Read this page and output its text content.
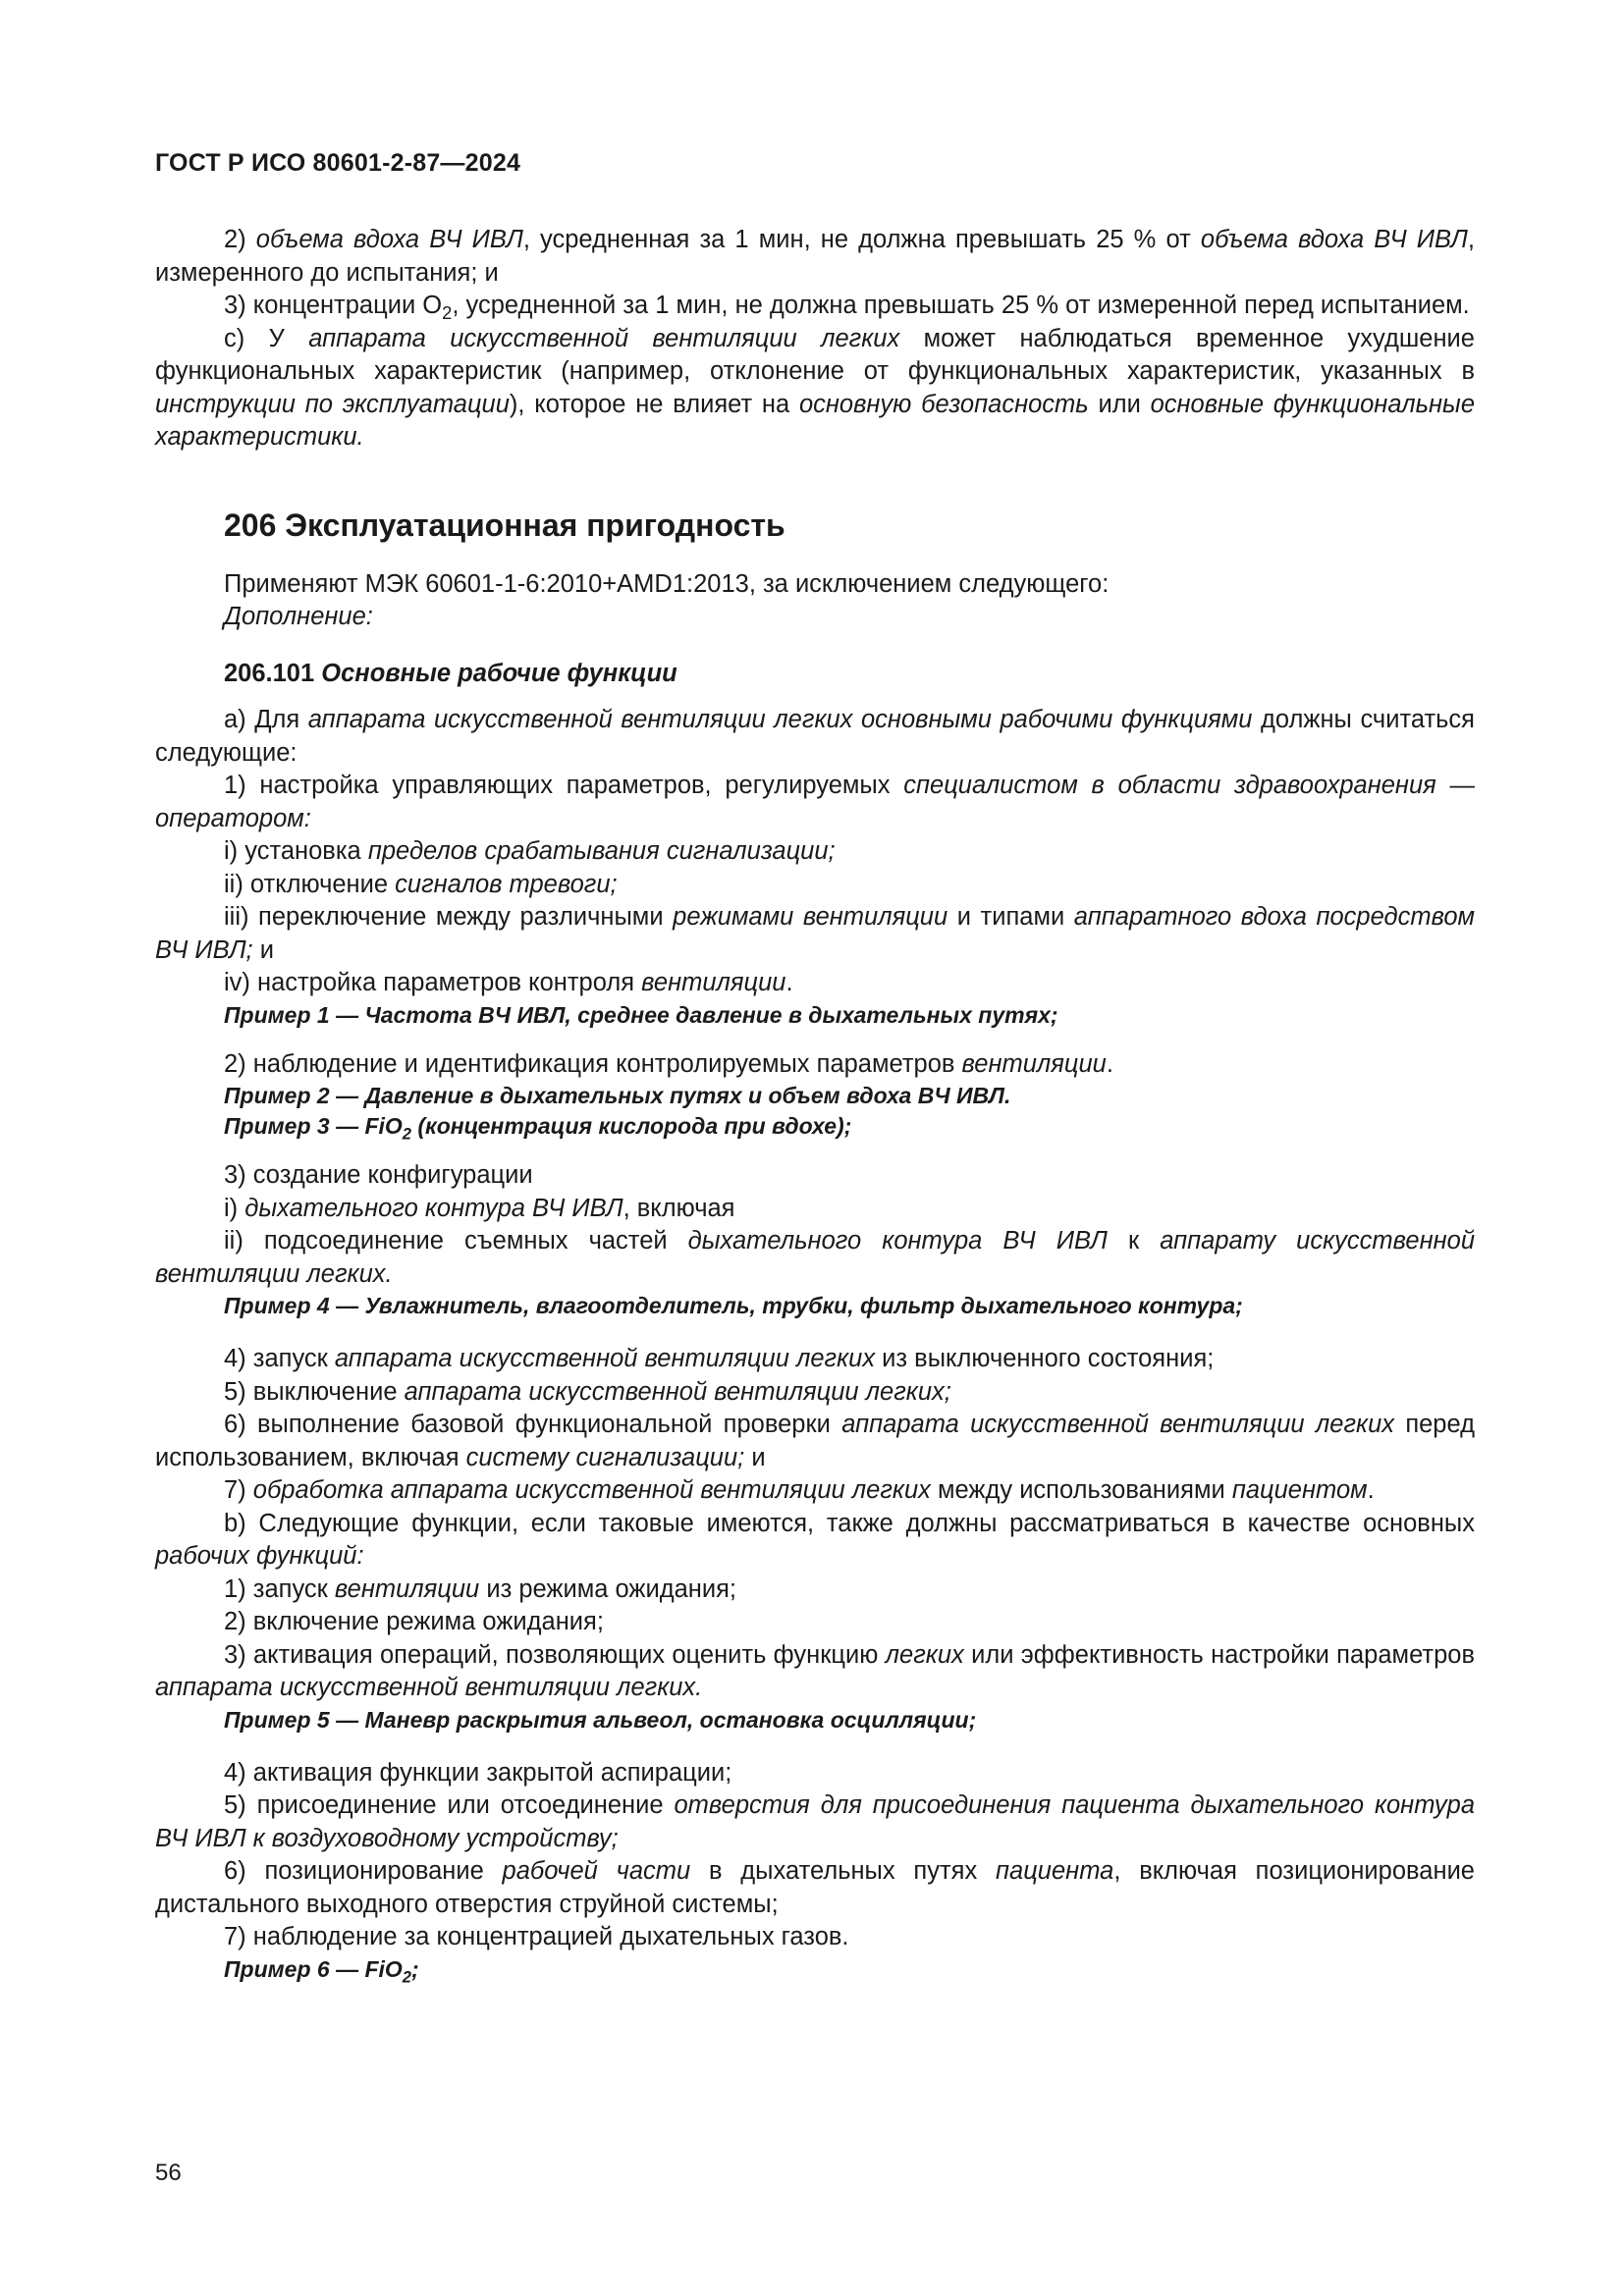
ГОСТ Р ИСО 80601-2-87—2024

2) объема вдоха ВЧ ИВЛ, усредненная за 1 мин, не должна превышать 25 % от объема вдоха ВЧ ИВЛ, измеренного до испытания; и

3) концентрации $O_2$, усредненной за 1 мин, не должна превышать 25 % от измеренной перед испытанием.

c) У аппарата искусственной вентиляции легких может наблюдаться временное ухудшение функциональных характеристик (например, отклонение от функциональных характеристик, указанных в инструкции по эксплуатации), которое не влияет на основную безопасность или основные функциональные характеристики.

206 Эксплуатационная пригодность

Применяют МЭК 60601-1-6:2010+AMD1:2013, за исключением следующего:

Дополнение:

206.101 Основные рабочие функции

a) Для аппарата искусственной вентиляции легких основными рабочими функциями должны считаться следующие:

1) настройка управляющих параметров, регулируемых специалистом в области здравоохранения — оператором:

i) установка пределов срабатывания сигнализации;

ii) отключение сигналов тревоги;

iii) переключение между различными режимами вентиляции и типами аппаратного вдоха посредством ВЧ ИВЛ; и

iv) настройка параметров контроля вентиляции.

Пример 1 — Частота ВЧ ИВЛ, среднее давление в дыхательных путях;

2) наблюдение и идентификация контролируемых параметров вентиляции.

Пример 2 — Давление в дыхательных путях и объем вдоха ВЧ ИВЛ.

Пример 3 — FiO$_2$ (концентрация кислорода при вдохе);

3) создание конфигурации

i) дыхательного контура ВЧ ИВЛ, включая

ii) подсоединение съемных частей дыхательного контура ВЧ ИВЛ к аппарату искусственной вентиляции легких.

Пример 4 — Увлажнитель, влагоотделитель, трубки, фильтр дыхательного контура;

4) запуск аппарата искусственной вентиляции легких из выключенного состояния;

5) выключение аппарата искусственной вентиляции легких;

6) выполнение базовой функциональной проверки аппарата искусственной вентиляции легких перед использованием, включая систему сигнализации; и

7) обработка аппарата искусственной вентиляции легких между использованиями пациентом.

b) Следующие функции, если таковые имеются, также должны рассматриваться в качестве основных рабочих функций:

1) запуск вентиляции из режима ожидания;

2) включение режима ожидания;

3) активация операций, позволяющих оценить функцию легких или эффективность настройки параметров аппарата искусственной вентиляции легких.

Пример 5 — Маневр раскрытия альвеол, остановка осцилляции;

4) активация функции закрытой аспирации;

5) присоединение или отсоединение отверстия для присоединения пациента дыхательного контура ВЧ ИВЛ к воздуховодному устройству;

6) позиционирование рабочей части в дыхательных путях пациента, включая позиционирование дистального выходного отверстия струйной системы;

7) наблюдение за концентрацией дыхательных газов.

Пример 6 — FiO$_2$;

56
